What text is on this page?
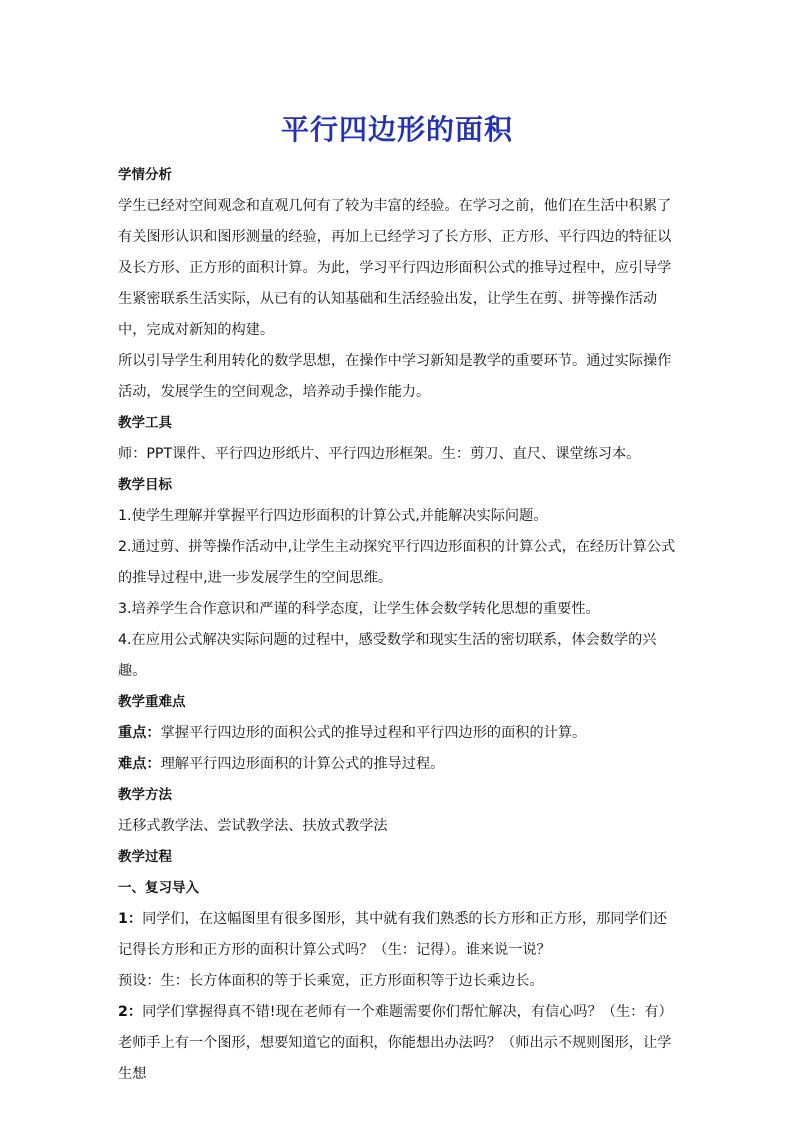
平行四边形的面积

学情分析

学生已经对空间观念和直观几何有了较为丰富的经验。在学习之前，他们在生活中积累了有关图形认识和图形测量的经验，再加上已经学习了长方形、正方形、平行四边的特征以及长方形、正方形的面积计算。为此，学习平行四边形面积公式的推导过程中，应引导学生紧密联系生活实际，从已有的认知基础和生活经验出发，让学生在剪、拼等操作活动中，完成对新知的构建。

所以引导学生利用转化的数学思想，在操作中学习新知是教学的重要环节。通过实际操作活动，发展学生的空间观念，培养动手操作能力。

教学工具

师：PPT课件、平行四边形纸片、平行四边形框架。生：剪刀、直尺、课堂练习本。

教学目标

1.使学生理解并掌握平行四边形面积的计算公式,并能解决实际问题。

2.通过剪、拼等操作活动中,让学生主动探究平行四边形面积的计算公式，在经历计算公式的推导过程中,进一步发展学生的空间思维。

3.培养学生合作意识和严谨的科学态度，让学生体会数学转化思想的重要性。

4.在应用公式解决实际问题的过程中，感受数学和现实生活的密切联系，体会数学的兴趣。

教学重难点

重点：掌握平行四边形的面积公式的推导过程和平行四边形的面积的计算。

难点：理解平行四边形面积的计算公式的推导过程。

教学方法

迁移式教学法、尝试教学法、扶放式教学法

教学过程

一、复习导入

1：同学们，在这幅图里有很多图形，其中就有我们熟悉的长方形和正方形，那同学们还记得长方形和正方形的面积计算公式吗？（生：记得）。谁来说一说？

预设：生：长方体面积的等于长乘宽，正方形面积等于边长乘边长。

2：同学们掌握得真不错!现在老师有一个难题需要你们帮忙解决，有信心吗？（生：有）老师手上有一个图形，想要知道它的面积，你能想出办法吗？（师出示不规则图形，让学生想
